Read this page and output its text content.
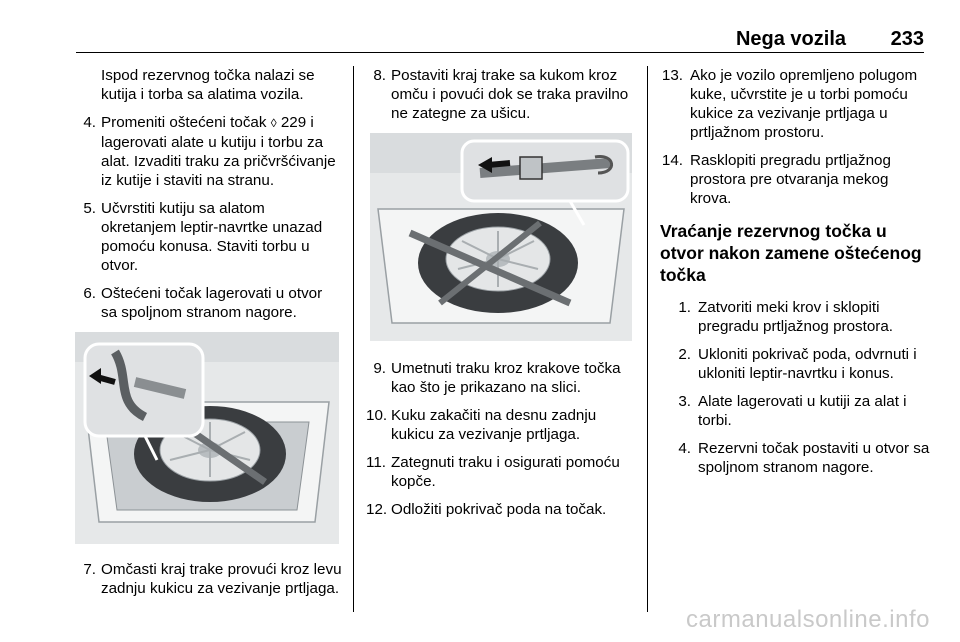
Nega vozila 233
Ispod rezervnog točka nalazi se kutija i torba sa alatima vozila.
4. Promeniti oštećeni točak ◊ 229 i lagerovati alate u kutiju i torbu za alat. Izvaditi traku za pričvršćivanje iz kutije i staviti na stranu.
5. Učvrstiti kutiju sa alatom okretanjem leptir-navrtke unazad pomoću konusa. Staviti torbu u otvor.
6. Oštećeni točak lagerovati u otvor sa spoljnom stranom nagore.
7. Omčasti kraj trake provući kroz levu zadnju kukicu za vezivanje prtljaga.
8. Postaviti kraj trake sa kukom kroz omču i povući dok se traka pravilno ne zategne za ušicu.
9. Umetnuti traku kroz krakove točka kao što je prikazano na slici.
10. Kuku zakačiti na desnu zadnju kukicu za vezivanje prtljaga.
11. Zategnuti traku i osigurati pomoću kopče.
12. Odložiti pokrivač poda na točak.
13. Ako je vozilo opremljeno polugom kuke, učvrstite je u torbi pomoću kukice za vezivanje prtljaga u prtljažnom prostoru.
14. Rasklopiti pregradu prtljažnog prostora pre otvaranja mekog krova.
Vraćanje rezervnog točka u otvor nakon zamene oštećenog točka
1. Zatvoriti meki krov i sklopiti pregradu prtljažnog prostora.
2. Ukloniti pokrivač poda, odvrnuti i ukloniti leptir-navrtku i konus.
3. Alate lagerovati u kutiji za alat i torbi.
4. Rezervni točak postaviti u otvor sa spoljnom stranom nagore.
carmanualsonline.info
